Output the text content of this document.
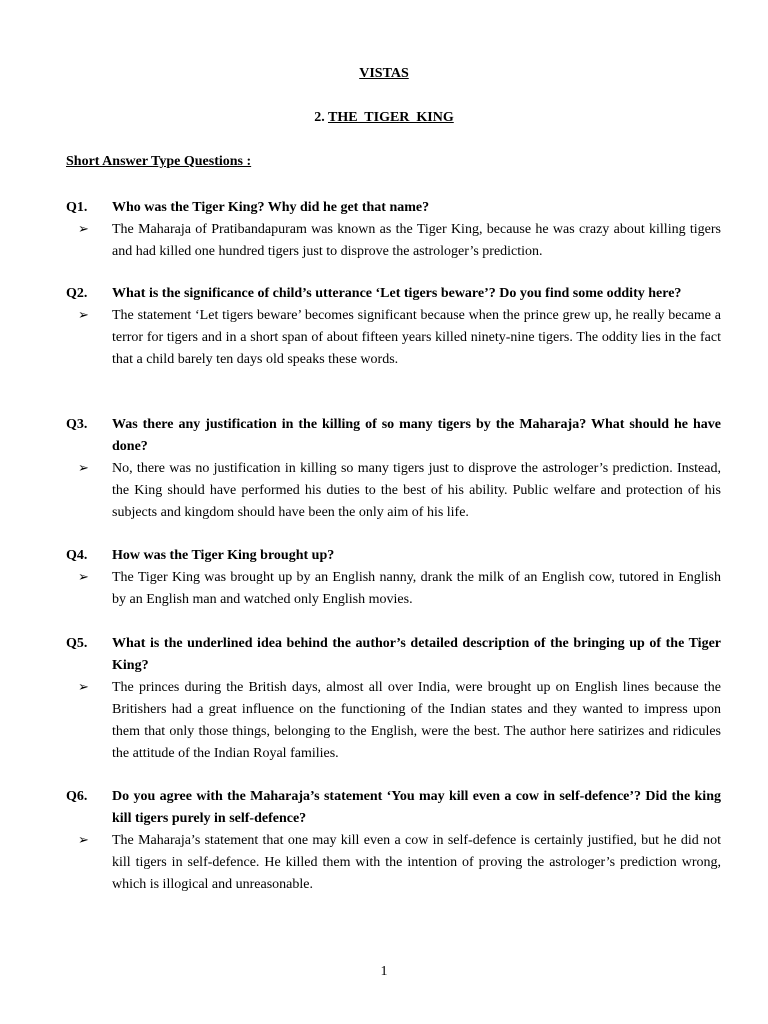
VISTAS
2. THE  TIGER  KING
Short Answer Type Questions :
Q1. Who was the Tiger King? Why did he get that name?
➢ The Maharaja of Pratibandapuram was known as the Tiger King, because he was crazy about killing tigers and had killed one hundred tigers just to disprove the astrologer’s prediction.
Q2. What is the significance of child’s utterance ‘Let tigers beware’? Do you find some oddity here?
➢ The statement ‘Let tigers beware’ becomes significant because when the prince grew up, he really became a terror for tigers and in a short span of about fifteen years killed ninety-nine tigers. The oddity lies in the fact that a child barely ten days old speaks these words.
Q3. Was there any justification in the killing of so many tigers by the Maharaja? What should he have done?
➢ No, there was no justification in killing so many tigers just to disprove the astrologer’s prediction. Instead, the King should have performed his duties to the best of his ability. Public welfare and protection of his subjects and kingdom should have been the only aim of his life.
Q4. How was the Tiger King brought up?
➢ The Tiger King was brought up by an English nanny, drank the milk of an English cow, tutored in English by an English man and watched only English movies.
Q5. What is the underlined idea behind the author’s detailed description of the bringing up of the Tiger King?
➢ The princes during the British days, almost all over India, were brought up on English lines because the Britishers had a great influence on the functioning of the Indian states and they wanted to impress upon them that only those things, belonging to the English, were the best. The author here satirizes and ridicules the attitude of the Indian Royal families.
Q6. Do you agree with the Maharaja’s statement ‘You may kill even a cow in self-defence’? Did the king kill tigers purely in self-defence?
➢ The Maharaja’s statement that one may kill even a cow in self-defence is certainly justified, but he did not kill tigers in self-defence. He killed them with the intention of proving the astrologer’s prediction wrong, which is illogical and unreasonable.
1
